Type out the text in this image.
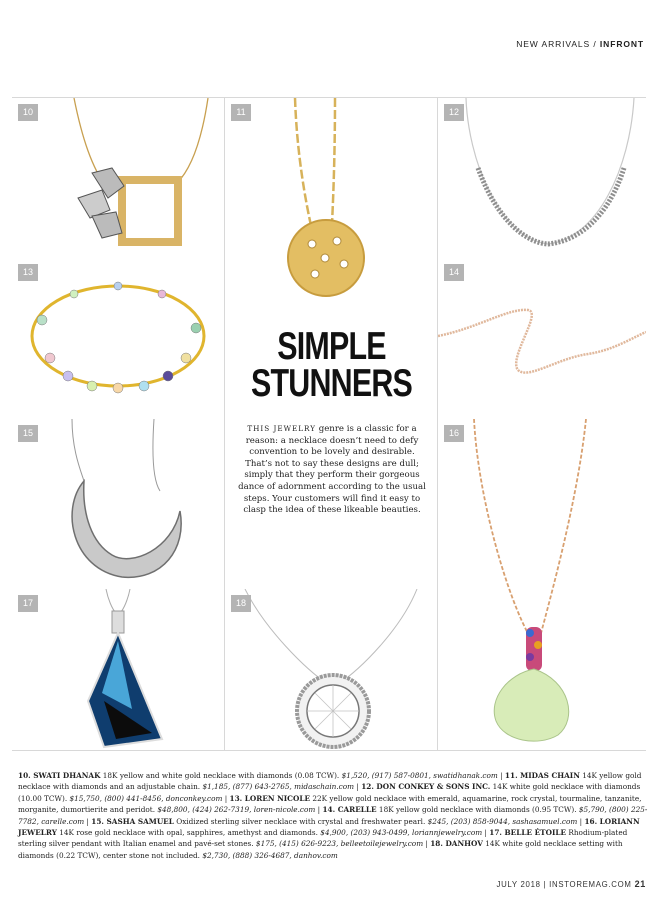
NEW ARRIVALS / INFRONT
10	11	12
13	14
15	16
17	18
SIMPLE
STUNNERS
THIS JEWELRY genre is a classic for a reason: a necklace doesn’t need to defy convention to be lovely and desirable. That’s not to say these designs are dull; simply that they perform their gorgeous dance of adornment according to the usual steps. Your customers will find it easy to clasp the idea of these likeable beauties.
10. SWATI DHANAK 18K yellow and white gold necklace with diamonds (0.08 TCW). $1,520, (917) 587-0801, swatidhanak.com | 11. MIDAS CHAIN 14K yellow gold necklace with diamonds and an adjustable chain. $1,185, (877) 643-2765, midaschain.com | 12. DON CONKEY & SONS INC. 14K white gold necklace with diamonds (10.00 TCW). $15,750, (800) 441-8456, donconkey.com | 13. LOREN NICOLE 22K yellow gold necklace with emerald, aquamarine, rock crystal, tourmaline, tanzanite, morganite, dumortierite and peridot. $48,800, (424) 262-7319, loren-nicole.com | 14. CARELLE 18K yellow gold necklace with diamonds (0.95 TCW). $5,790, (800) 225-7782, carelle.com | 15. SASHA SAMUEL Oxidized sterling silver necklace with crystal and freshwater pearl. $245, (203) 858-9044, sashasamuel.com | 16. LORIANN JEWELRY 14K rose gold necklace with opal, sapphires, amethyst and diamonds. $4,900, (203) 943-0499, loriannjewelry.com | 17. BELLE ÉTOILE Rhodium-plated sterling silver pendant with Italian enamel and pavé-set stones. $175, (415) 626-9223, belleetoilejewelry.com | 18. DANHOV 14K white gold necklace setting with diamonds (0.22 TCW), center stone not included. $2,730, (888) 326-4687, danhov.com
JULY 2018 | INSTOREMAG.COM 21
